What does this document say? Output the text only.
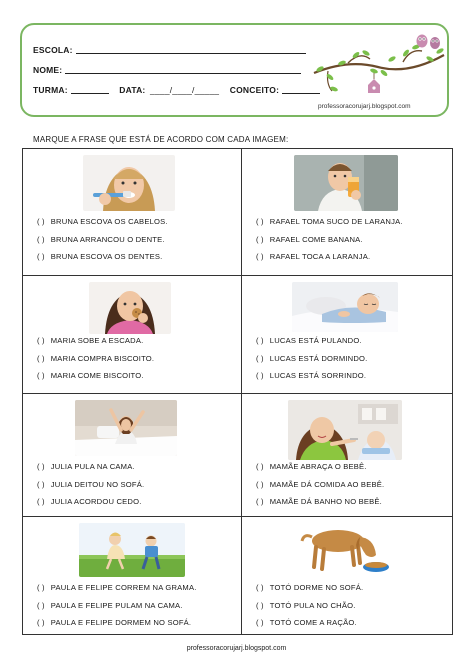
ESCOLA:
NOME:
TURMA:	DATA: ____/____/_____ CONCEITO:
professoracorujarj.blogspot.com
MARQUE A FRASE QUE ESTÁ DE ACORDO COM CADA IMAGEM:
( ) BRUNA ESCOVA OS CABELOS.
( ) BRUNA ARRANCOU O DENTE.
( ) BRUNA ESCOVA OS DENTES.
( ) RAFAEL TOMA SUCO DE LARANJA.
( ) RAFAEL COME BANANA.
( ) RAFAEL TOCA A LARANJA.
( ) MARIA SOBE A ESCADA.
( ) MARIA COMPRA BISCOITO.
( ) MARIA COME BISCOITO.
( ) LUCAS ESTÁ PULANDO.
( ) LUCAS ESTÁ DORMINDO.
( ) LUCAS ESTÁ SORRINDO.
( ) JULIA PULA NA CAMA.
( ) JULIA DEITOU NO SOFÁ.
( ) JULIA ACORDOU CEDO.
( ) MAMÃE ABRAÇA O BEBÊ.
( ) MAMÃE DÁ COMIDA AO BEBÊ.
( ) MAMÃE DÁ BANHO NO BEBÊ.
( ) PAULA E FELIPE CORREM NA GRAMA.
( ) PAULA E FELIPE PULAM NA CAMA.
( ) PAULA E FELIPE DORMEM NO SOFÁ.
( ) TOTÓ DORME NO SOFÁ.
( ) TOTÓ PULA NO CHÃO.
( ) TOTÓ COME A RAÇÃO.
professoracorujarj.blogspot.com
